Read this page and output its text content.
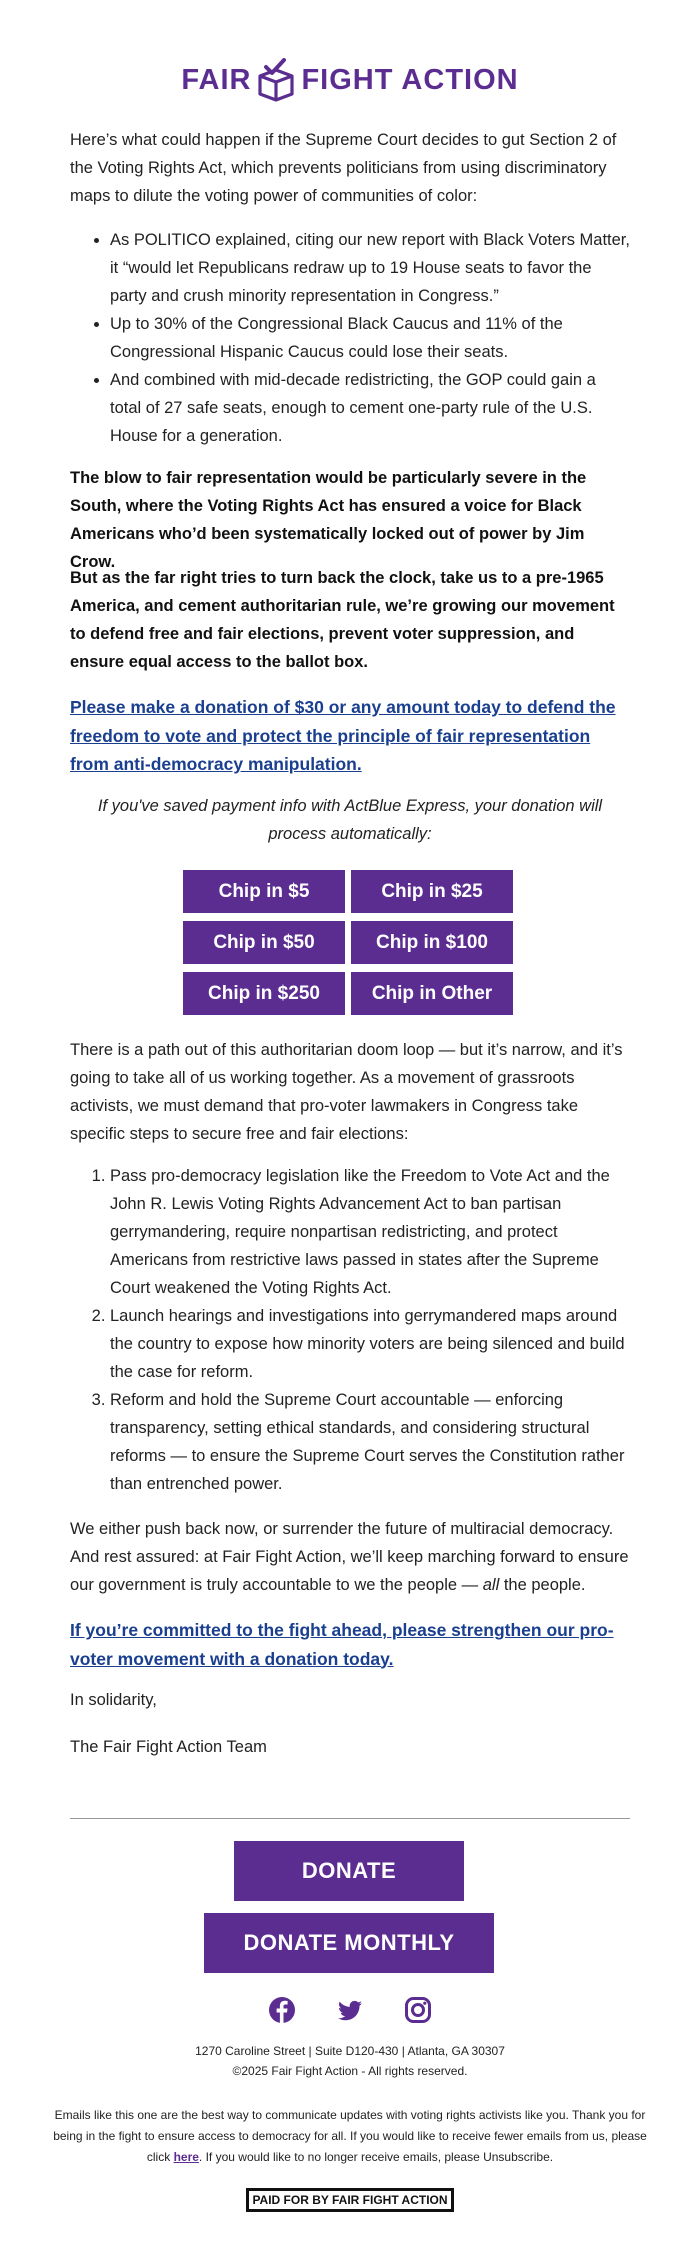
FAIR FIGHT ACTION

Here’s what could happen if the Supreme Court decides to gut Section 2 of the Voting Rights Act, which prevents politicians from using discriminatory maps to dilute the voting power of communities of color:

• As POLITICO explained, citing our new report with Black Voters Matter, it “would let Republicans redraw up to 19 House seats to favor the party and crush minority representation in Congress.”
• Up to 30% of the Congressional Black Caucus and 11% of the Congressional Hispanic Caucus could lose their seats.
• And combined with mid-decade redistricting, the GOP could gain a total of 27 safe seats, enough to cement one-party rule of the U.S. House for a generation.

The blow to fair representation would be particularly severe in the South, where the Voting Rights Act has ensured a voice for Black Americans who’d been systematically locked out of power by Jim Crow.

But as the far right tries to turn back the clock, take us to a pre-1965 America, and cement authoritarian rule, we’re growing our movement to defend free and fair elections, prevent voter suppression, and ensure equal access to the ballot box.

Please make a donation of $30 or any amount today to defend the freedom to vote and protect the principle of fair representation from anti-democracy manipulation.

If you've saved payment info with ActBlue Express, your donation will process automatically:

Chip in $5	Chip in $25
Chip in $50	Chip in $100
Chip in $250	Chip in Other

There is a path out of this authoritarian doom loop — but it’s narrow, and it’s going to take all of us working together. As a movement of grassroots activists, we must demand that pro-voter lawmakers in Congress take specific steps to secure free and fair elections:

1. Pass pro-democracy legislation like the Freedom to Vote Act and the John R. Lewis Voting Rights Advancement Act to ban partisan gerrymandering, require nonpartisan redistricting, and protect Americans from restrictive laws passed in states after the Supreme Court weakened the Voting Rights Act.
2. Launch hearings and investigations into gerrymandered maps around the country to expose how minority voters are being silenced and build the case for reform.
3. Reform and hold the Supreme Court accountable — enforcing transparency, setting ethical standards, and considering structural reforms — to ensure the Supreme Court serves the Constitution rather than entrenched power.

We either push back now, or surrender the future of multiracial democracy. And rest assured: at Fair Fight Action, we’ll keep marching forward to ensure our government is truly accountable to we the people — all the people.

If you’re committed to the fight ahead, please strengthen our pro-voter movement with a donation today.

In solidarity,

The Fair Fight Action Team

DONATE
DONATE MONTHLY
1270 Caroline Street | Suite D120-430 | Atlanta, GA 30307
©2025 Fair Fight Action - All rights reserved.

Emails like this one are the best way to communicate updates with voting rights activists like you. Thank you for being in the fight to ensure access to democracy for all. If you would like to receive fewer emails from us, please click here. If you would like to no longer receive emails, please Unsubscribe.

PAID FOR BY FAIR FIGHT ACTION
